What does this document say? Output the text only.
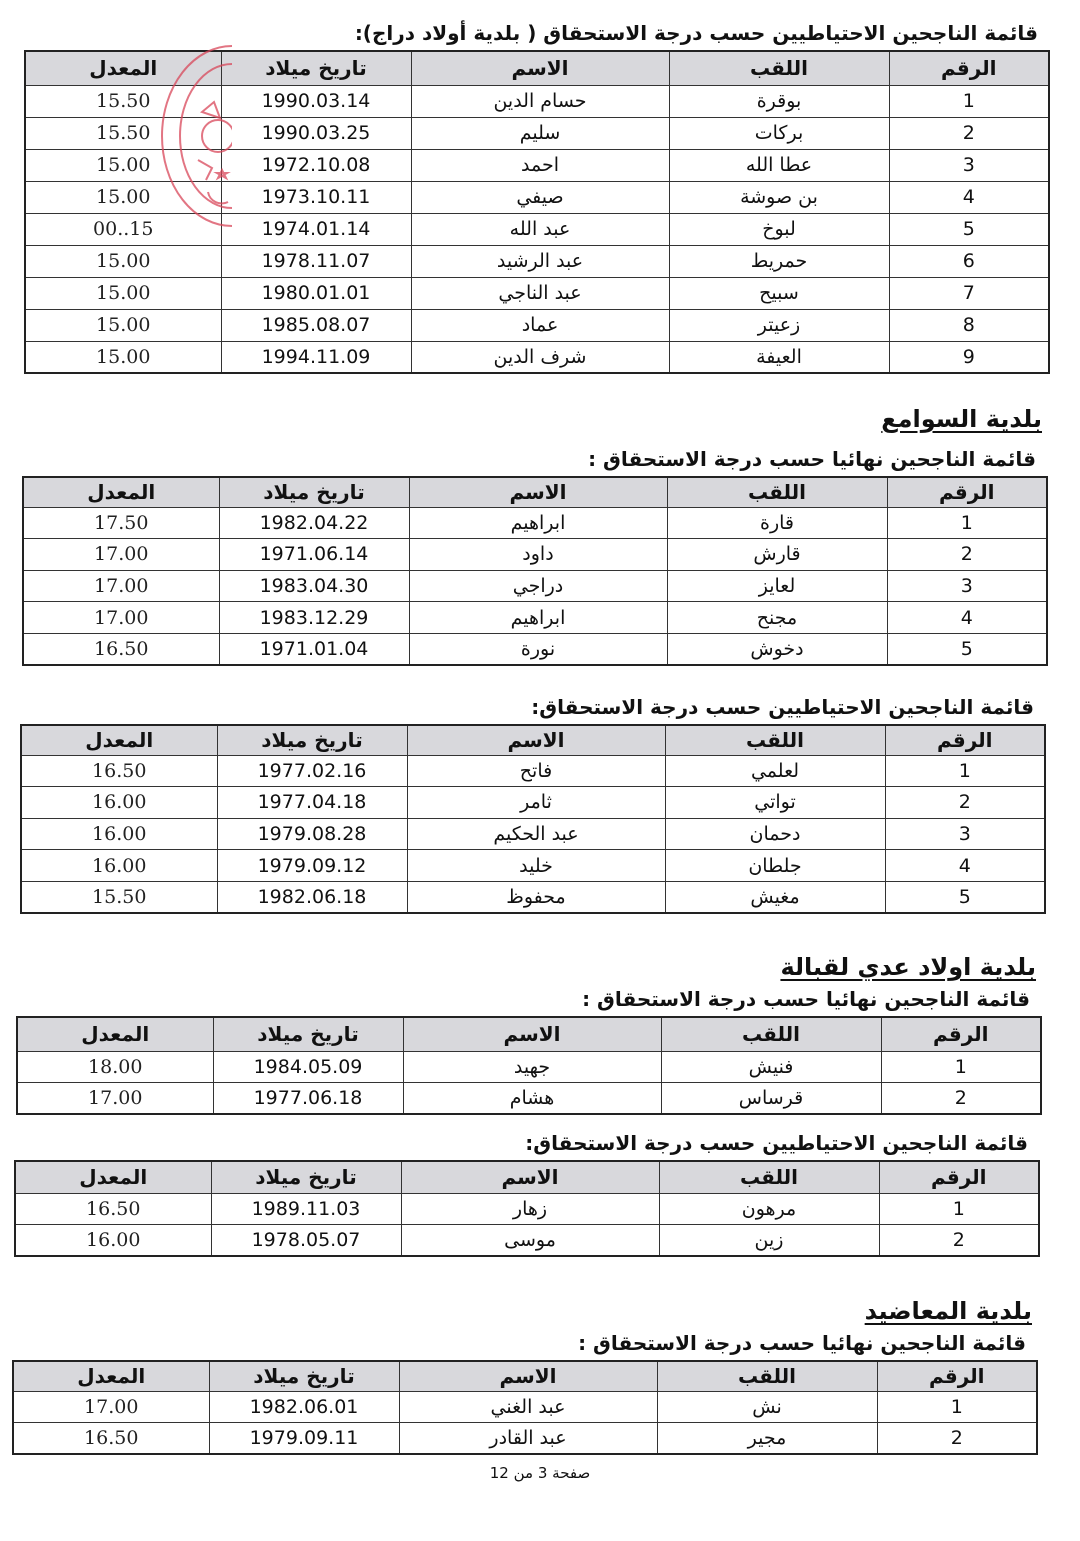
قائمة الناجحين الاحتياطيين حسب درجة الاستحقاق ( بلدية أولاد دراج):
الرقم	اللقب	الاسم	تاريخ ميلاد	المعدل
1	بوقرة	حسام الدين	1990.03.14	15.50
2	بركات	سليم	1990.03.25	15.50
3	عطا الله	احمد	1972.10.08	15.00
4	بن صوشة	صيفي	1973.10.11	15.00
5	لبوخ	عبد الله	1974.01.14	15..00
6	حمريط	عبد الرشيد	1978.11.07	15.00
7	سبيح	عبد الناجي	1980.01.01	15.00
8	زعيتر	عماد	1985.08.07	15.00
9	العيفة	شرف الدين	1994.11.09	15.00
بلدية السوامع
قائمة الناجحين نهائيا حسب درجة الاستحقاق :
الرقم	اللقب	الاسم	تاريخ ميلاد	المعدل
1	قارة	ابراهيم	1982.04.22	17.50
2	قارش	داود	1971.06.14	17.00
3	لعايز	دراجي	1983.04.30	17.00
4	مجنح	ابراهيم	1983.12.29	17.00
5	دخوش	نورة	1971.01.04	16.50
قائمة الناجحين الاحتياطيين حسب درجة الاستحقاق:
الرقم	اللقب	الاسم	تاريخ ميلاد	المعدل
1	لعلمي	فاتح	1977.02.16	16.50
2	تواتي	ثامر	1977.04.18	16.00
3	دحمان	عبد الحكيم	1979.08.28	16.00
4	جلطان	خليد	1979.09.12	16.00
5	مغيش	محفوظ	1982.06.18	15.50
بلدية اولاد عدي لقبالة
قائمة الناجحين نهائيا حسب درجة الاستحقاق :
الرقم	اللقب	الاسم	تاريخ ميلاد	المعدل
1	فنيش	جهيد	1984.05.09	18.00
2	قرساس	هشام	1977.06.18	17.00
قائمة الناجحين الاحتياطيين حسب درجة الاستحقاق:
الرقم	اللقب	الاسم	تاريخ ميلاد	المعدل
1	مرهون	زهار	1989.11.03	16.50
2	زين	موسى	1978.05.07	16.00
بلدية المعاضيد
قائمة الناجحين نهائيا حسب درجة الاستحقاق :
الرقم	اللقب	الاسم	تاريخ ميلاد	المعدل
1	نش	عبد الغني	1982.06.01	17.00
2	مجير	عبد القادر	1979.09.11	16.50
صفحة 3 من 12
